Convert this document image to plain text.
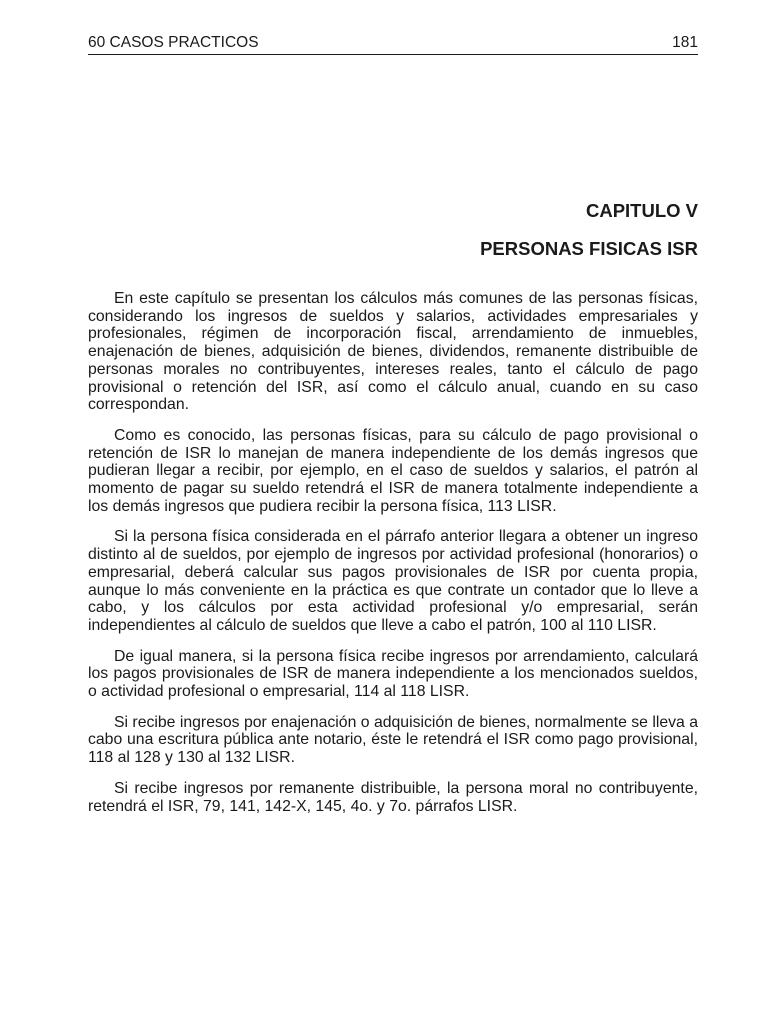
60 CASOS PRACTICOS	181
CAPITULO V
PERSONAS FISICAS ISR

En este capítulo se presentan los cálculos más comunes de las personas físicas, considerando los ingresos de sueldos y salarios, actividades empresariales y profesionales, régimen de incorporación fiscal, arrendamiento de inmuebles, enajenación de bienes, adquisición de bienes, dividendos, remanente distribuible de personas morales no contribuyentes, intereses reales, tanto el cálculo de pago provisional o retención del ISR, así como el cálculo anual, cuando en su caso correspondan.

Como es conocido, las personas físicas, para su cálculo de pago provisional o retención de ISR lo manejan de manera independiente de los demás ingresos que pudieran llegar a recibir, por ejemplo, en el caso de sueldos y salarios, el patrón al momento de pagar su sueldo retendrá el ISR de manera totalmente independiente a los demás ingresos que pudiera recibir la persona física, 113 LISR.

Si la persona física considerada en el párrafo anterior llegara a obtener un ingreso distinto al de sueldos, por ejemplo de ingresos por actividad profesional (honorarios) o empresarial, deberá calcular sus pagos provisionales de ISR por cuenta propia, aunque lo más conveniente en la práctica es que contrate un contador que lo lleve a cabo, y los cálculos por esta actividad profesional y/o empresarial, serán independientes al cálculo de sueldos que lleve a cabo el patrón, 100 al 110 LISR.

De igual manera, si la persona física recibe ingresos por arrendamiento, calculará los pagos provisionales de ISR de manera independiente a los mencionados sueldos, o actividad profesional o empresarial, 114 al 118 LISR.

Si recibe ingresos por enajenación o adquisición de bienes, normalmente se lleva a cabo una escritura pública ante notario, éste le retendrá el ISR como pago provisional, 118 al 128 y 130 al 132 LISR.

Si recibe ingresos por remanente distribuible, la persona moral no contribuyente, retendrá el ISR, 79, 141, 142-X, 145, 4o. y 7o. párrafos LISR.
